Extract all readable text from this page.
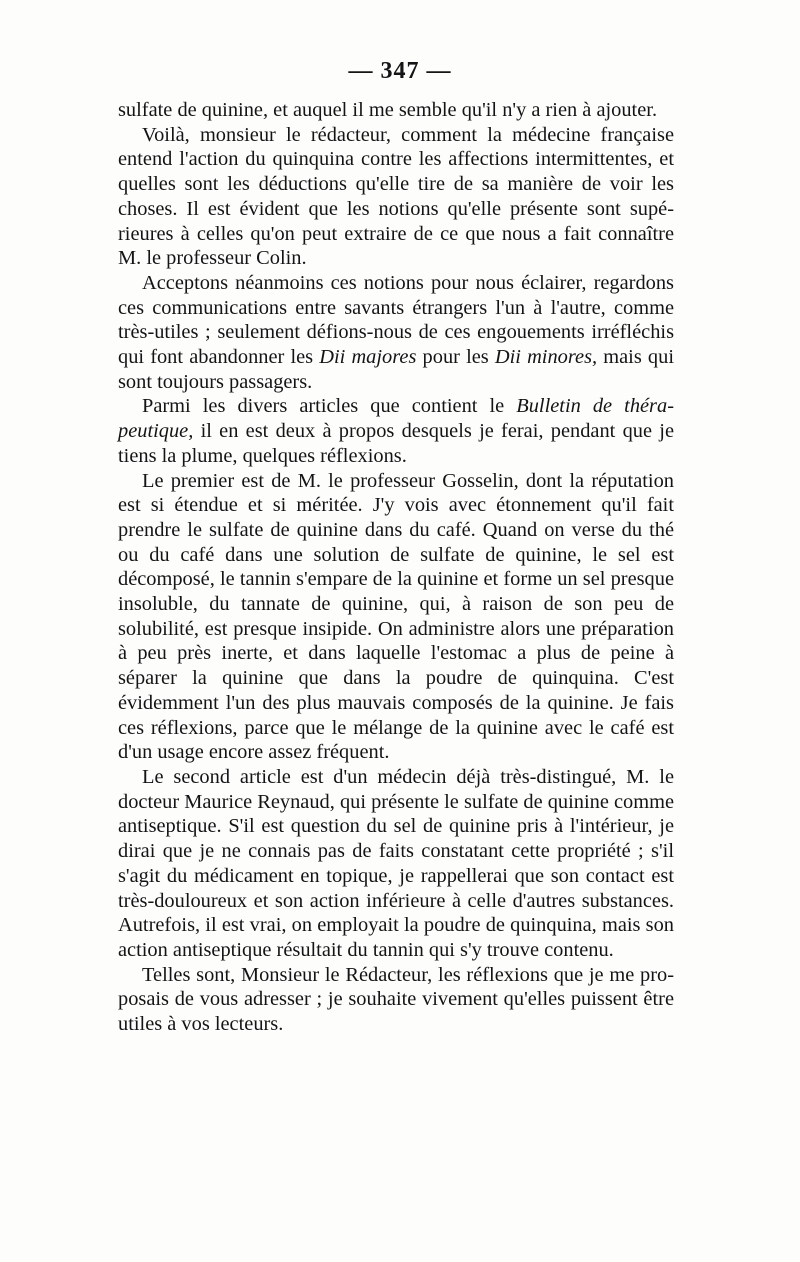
— 347 —

sulfate de quinine, et auquel il me semble qu'il n'y a rien à ajouter.

Voilà, monsieur le rédacteur, comment la médecine française entend l'action du quinquina contre les affections intermittentes, et quelles sont les déductions qu'elle tire de sa manière de voir les choses. Il est évident que les notions qu'elle présente sont supérieures à celles qu'on peut extraire de ce que nous a fait connaître M. le professeur Colin.

Acceptons néanmoins ces notions pour nous éclairer, regardons ces communications entre savants étrangers l'un à l'autre, comme très-utiles ; seulement défions-nous de ces engouements irréfléchis qui font abandonner les Dii majores pour les Dii minores, mais qui sont toujours passagers.

Parmi les divers articles que contient le Bulletin de thérapeutique, il en est deux à propos desquels je ferai, pendant que je tiens la plume, quelques réflexions.

Le premier est de M. le professeur Gosselin, dont la réputation est si étendue et si méritée. J'y vois avec étonnement qu'il fait prendre le sulfate de quinine dans du café. Quand on verse du thé ou du café dans une solution de sulfate de quinine, le sel est décomposé, le tannin s'empare de la quinine et forme un sel presque insoluble, du tannate de quinine, qui, à raison de son peu de solubilité, est presque insipide. On administre alors une préparation à peu près inerte, et dans laquelle l'estomac a plus de peine à séparer la quinine que dans la poudre de quinquina. C'est évidemment l'un des plus mauvais composés de la quinine. Je fais ces réflexions, parce que le mélange de la quinine avec le café est d'un usage encore assez fréquent.

Le second article est d'un médecin déjà très-distingué, M. le docteur Maurice Reynaud, qui présente le sulfate de quinine comme antiseptique. S'il est question du sel de quinine pris à l'intérieur, je dirai que je ne connais pas de faits constatant cette propriété ; s'il s'agit du médicament en topique, je rappellerai que son contact est très-douloureux et son action inférieure à celle d'autres substances. Autrefois, il est vrai, on employait la poudre de quinquina, mais son action antiseptique résultait du tannin qui s'y trouve contenu.

Telles sont, Monsieur le Rédacteur, les réflexions que je me proposais de vous adresser ; je souhaite vivement qu'elles puissent être utiles à vos lecteurs.
